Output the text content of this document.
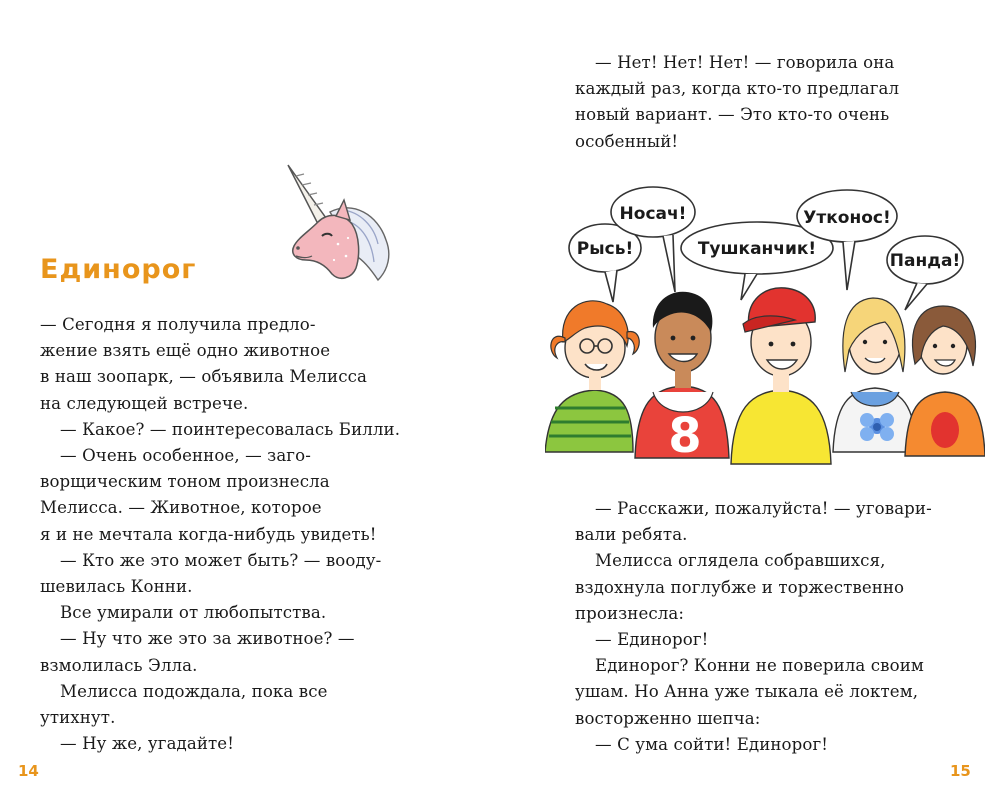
Единорог

— Сегодня я получила предло-

жение взять ещё одно животное

в наш зоопарк, — объявила Мелисса

на следующей встрече.

— Какое? — поинтересовалась Билли.

— Очень особенное, — заго-

ворщическим тоном произнесла

Мелисса. — Животное, которое

я и не мечтала когда-нибудь увидеть!

— Кто же это может быть? — вооду-

шевилась Конни.

Все умирали от любопытства.

— Ну что же это за животное? —

взмолилась Элла.

Мелисса подождала, пока все

утихнут.

— Ну же, угадайте!

14

— Нет! Нет! Нет! — говорила она

каждый раз, когда кто-то предлагал

новый вариант. — Это кто-то очень

особенный!

Рысь!
Носач!
Тушканчик!
Утконос!
Панда!
8

— Расскажи, пожалуйста! — уговари-

вали ребята.

Мелисса оглядела собравшихся,

вздохнула поглубже и торжественно

произнесла:

— Единорог!

Единорог? Конни не поверила своим

ушам. Но Анна уже тыкала её локтем,

восторженно шепча:

— С ума сойти! Единорог!

15
